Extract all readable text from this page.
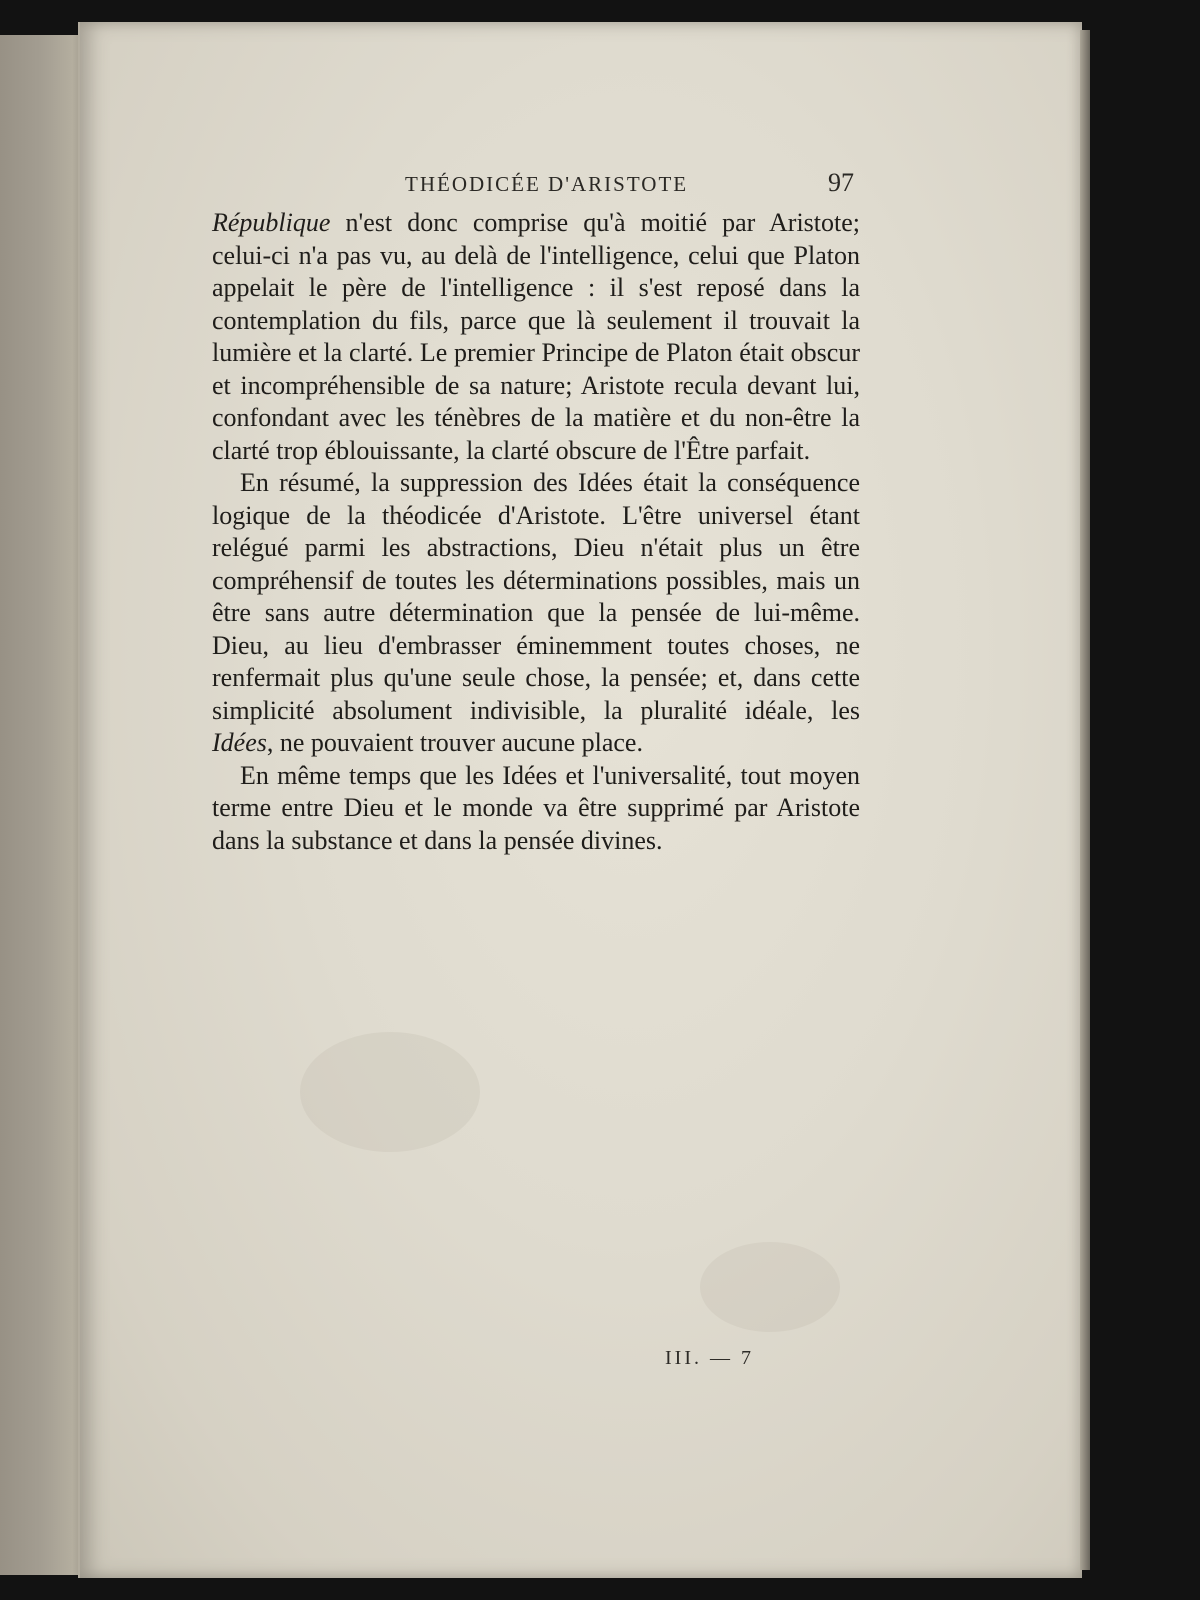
THÉODICÉE D'ARISTOTE	97

République n'est donc comprise qu'à moitié par Aristote; celui-ci n'a pas vu, au delà de l'intelligence, celui que Platon appelait le père de l'intelligence : il s'est reposé dans la contemplation du fils, parce que là seulement il trouvait la lumière et la clarté. Le premier Principe de Platon était obscur et incompréhensible de sa nature; Aristote recula devant lui, confondant avec les ténèbres de la matière et du non-être la clarté trop éblouissante, la clarté obscure de l'Être parfait.

En résumé, la suppression des Idées était la conséquence logique de la théodicée d'Aristote. L'être universel étant relégué parmi les abstractions, Dieu n'était plus un être compréhensif de toutes les déterminations possibles, mais un être sans autre détermination que la pensée de lui-même. Dieu, au lieu d'embrasser éminemment toutes choses, ne renfermait plus qu'une seule chose, la pensée; et, dans cette simplicité absolument indivisible, la pluralité idéale, les Idées, ne pouvaient trouver aucune place.

En même temps que les Idées et l'universalité, tout moyen terme entre Dieu et le monde va être supprimé par Aristote dans la substance et dans la pensée divines.

III. — 7
